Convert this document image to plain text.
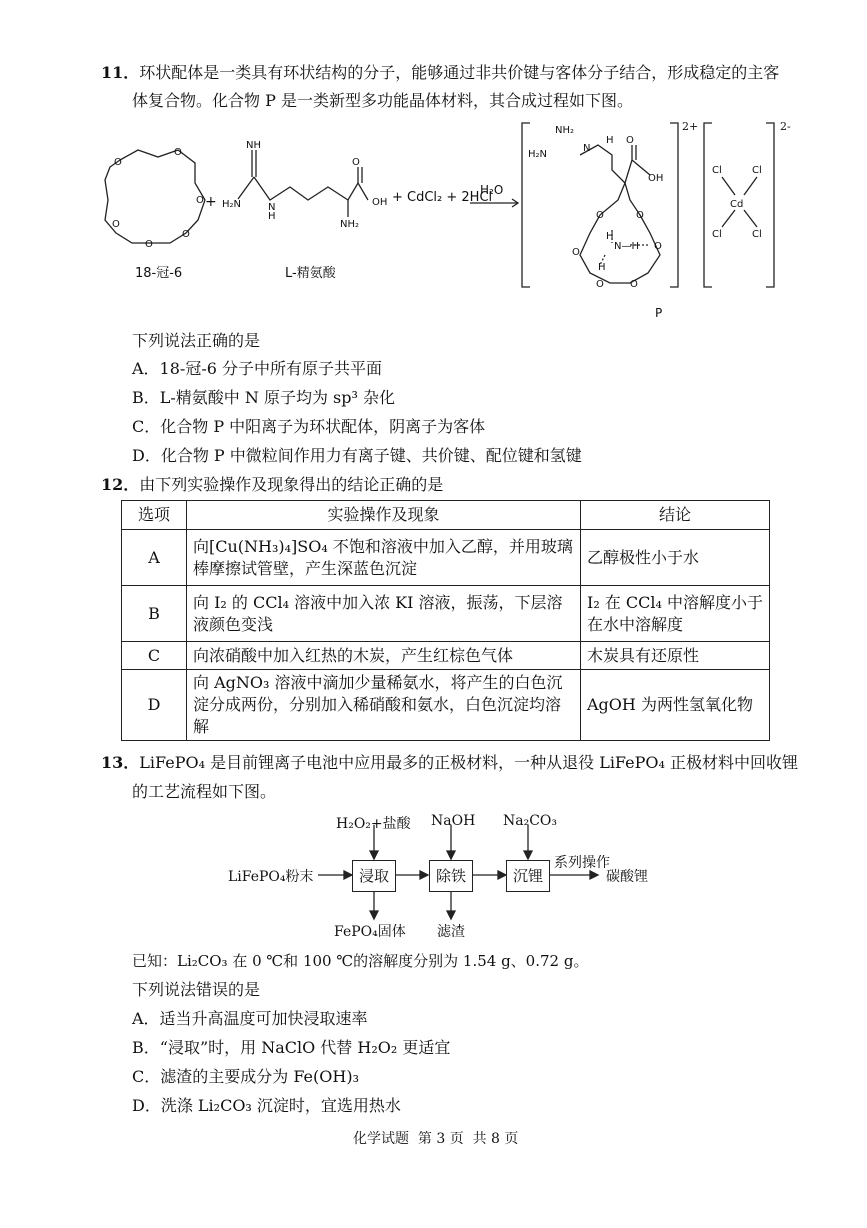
11．环状配体是一类具有环状结构的分子，能够通过非共价键与客体分子结合，形成稳定的主客
体复合物。化合物 P 是一类新型多功能晶体材料，其合成过程如下图。
O
O
O
O
O
O
NH
H₂N	N
H
O
OH
NH₂
NH₂
H₂N
N
H O
OH
O	O
H
N—H O
O
H
O	O
Cl	Cl
Cd
Cl	Cl
2+	2-
+ CdCl₂ + 2HCl
H₂O
+
18-冠-6	L-精氨酸
P
下列说法正确的是
A．18-冠-6 分子中所有原子共平面
B．L-精氨酸中 N 原子均为 sp³ 杂化
C．化合物 P 中阳离子为环状配体，阴离子为客体
D．化合物 P 中微粒间作用力有离子键、共价键、配位键和氢键
12．由下列实验操作及现象得出的结论正确的是
选项	实验操作及现象	结论
A	向[Cu(NH₃)₄]SO₄ 不饱和溶液中加入乙醇，并用玻璃棒摩擦试管壁，产生深蓝色沉淀	乙醇极性小于水
B	向 I₂ 的 CCl₄ 溶液中加入浓 KI 溶液，振荡，下层溶液颜色变浅	I₂ 在 CCl₄ 中溶解度小于在水中溶解度
C	向浓硝酸中加入红热的木炭，产生红棕色气体	木炭具有还原性
D	向 AgNO₃ 溶液中滴加少量稀氨水，将产生的白色沉淀分成两份，分别加入稀硝酸和氨水，白色沉淀均溶解	AgOH 为两性氢氧化物
13．LiFePO₄ 是目前锂离子电池中应用最多的正极材料，一种从退役 LiFePO₄ 正极材料中回收锂
的工艺流程如下图。
浸取	除铁	沉锂
LiFePO₄粉末
H₂O₂+盐酸 NaOH Na₂CO₃
系列操作
碳酸锂
FePO₄固体 滤渣
已知：Li₂CO₃ 在 0 ℃和 100 ℃的溶解度分别为 1.54 g、0.72 g。
下列说法错误的是
A．适当升高温度可加快浸取速率
B．“浸取”时，用 NaClO 代替 H₂O₂ 更适宜
C．滤渣的主要成分为 Fe(OH)₃
D．洗涤 Li₂CO₃ 沉淀时，宜选用热水
化学试题  第 3 页  共 8 页
